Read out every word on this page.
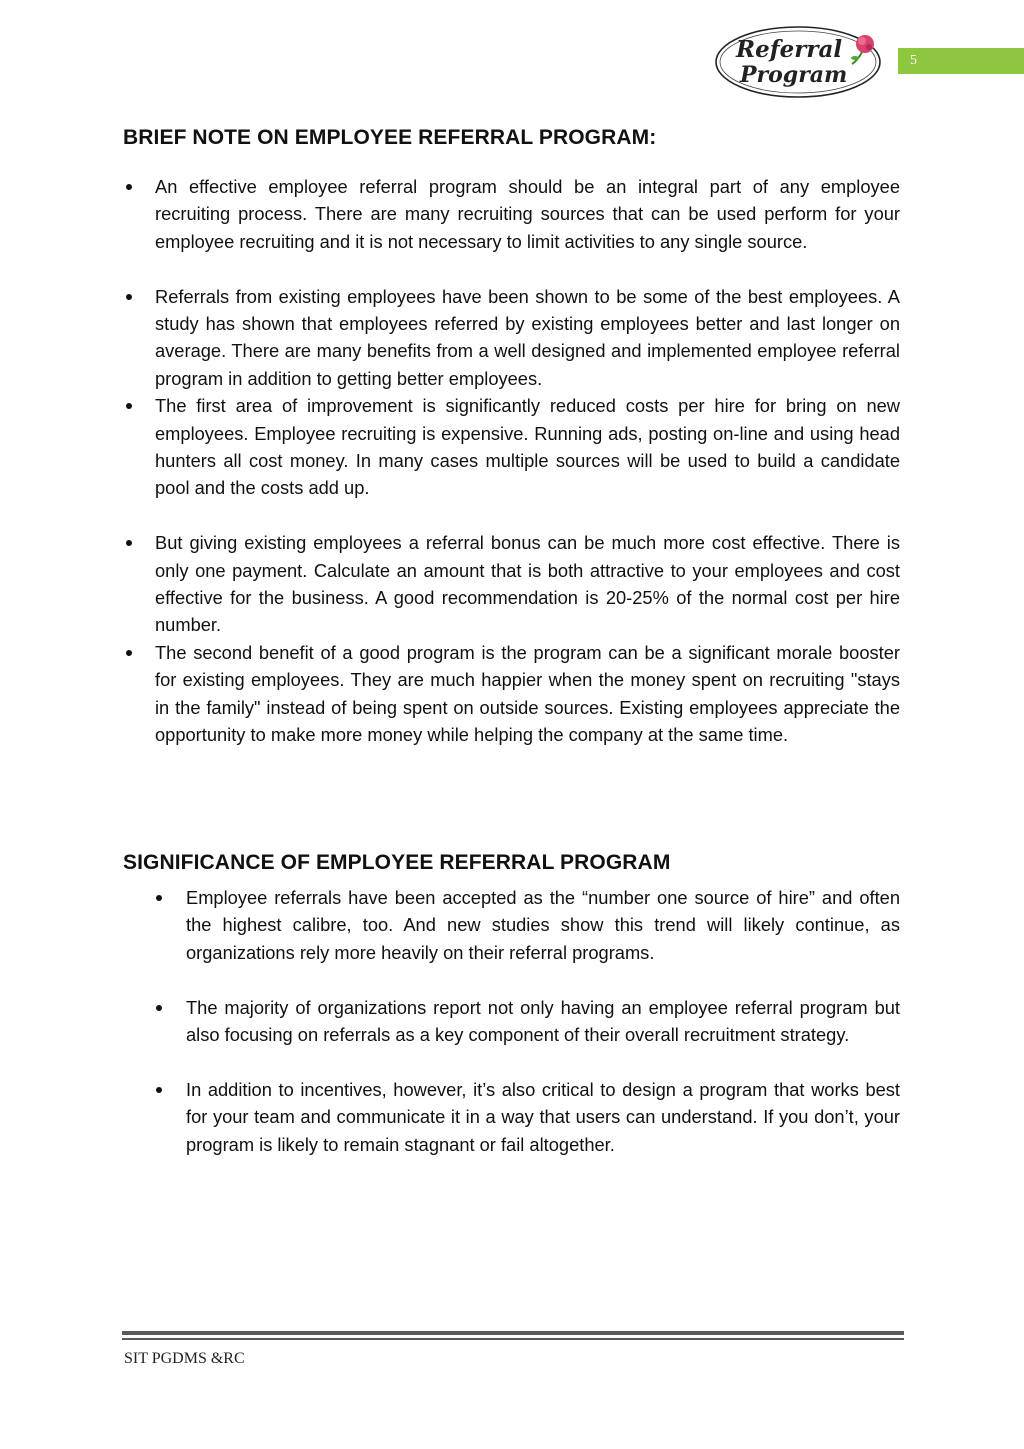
Referral
Program
5
BRIEF NOTE ON EMPLOYEE REFERRAL PROGRAM:
An effective employee referral program should be an integral part of any employee recruiting process. There are many recruiting sources that can be used perform for your employee recruiting and it is not necessary to limit activities to any single source.
Referrals from existing employees have been shown to be some of the best employees. A study has shown that employees referred by existing employees better and last longer on average. There are many benefits from a well designed and implemented employee referral program in addition to getting better employees.
The first area of improvement is significantly reduced costs per hire for bring on new employees. Employee recruiting is expensive. Running ads, posting on-line and using head hunters all cost money. In many cases multiple sources will be used to build a candidate pool and the costs add up.
But giving existing employees a referral bonus can be much more cost effective. There is only one payment. Calculate an amount that is both attractive to your employees and cost effective for the business. A good recommendation is 20-25% of the normal cost per hire number.
The second benefit of a good program is the program can be a significant morale booster for existing employees. They are much happier when the money spent on recruiting "stays in the family" instead of being spent on outside sources. Existing employees appreciate the opportunity to make more money while helping the company at the same time.
SIGNIFICANCE OF EMPLOYEE REFERRAL PROGRAM
Employee referrals have been accepted as the “number one source of hire” and often the highest calibre, too. And new studies show this trend will likely continue, as organizations rely more heavily on their referral programs.
The majority of organizations report not only having an employee referral program but also focusing on referrals as a key component of their overall recruitment strategy.
In addition to incentives, however, it’s also critical to design a program that works best for your team and communicate it in a way that users can understand. If you don’t, your program is likely to remain stagnant or fail altogether.
SIT PGDMS &RC
